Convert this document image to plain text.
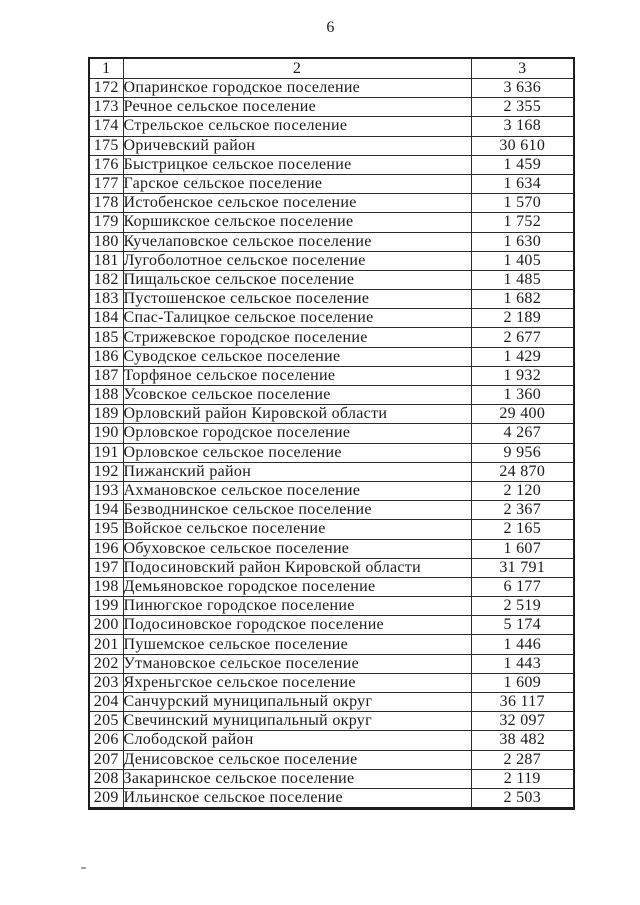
6
1	2	3
172	Опаринское городское поселение	3 636
173	Речное сельское поселение	2 355
174	Стрельское сельское поселение	3 168
175	Оричевский район	30 610
176	Быстрицкое сельское поселение	1 459
177	Гарское сельское поселение	1 634
178	Истобенское сельское поселение	1 570
179	Коршикское сельское поселение	1 752
180	Кучелаповское сельское поселение	1 630
181	Лугоболотное сельское поселение	1 405
182	Пищальское сельское поселение	1 485
183	Пустошенское сельское поселение	1 682
184	Спас-Талицкое сельское поселение	2 189
185	Стрижевское городское поселение	2 677
186	Суводское сельское поселение	1 429
187	Торфяное сельское поселение	1 932
188	Усовское сельское поселение	1 360
189	Орловский район Кировской области	29 400
190	Орловское городское поселение	4 267
191	Орловское сельское поселение	9 956
192	Пижанский район	24 870
193	Ахмановское сельское поселение	2 120
194	Безводнинское сельское поселение	2 367
195	Войское сельское поселение	2 165
196	Обуховское сельское поселение	1 607
197	Подосиновский район Кировской области	31 791
198	Демьяновское городское поселение	6 177
199	Пинюгское городское поселение	2 519
200	Подосиновское городское поселение	5 174
201	Пушемское сельское поселение	1 446
202	Утмановское сельское поселение	1 443
203	Яхреньгское сельское поселение	1 609
204	Санчурский муниципальный округ	36 117
205	Свечинский муниципальный округ	32 097
206	Слободской район	38 482
207	Денисовское сельское поселение	2 287
208	Закаринское сельское поселение	2 119
209	Ильинское сельское поселение	2 503
